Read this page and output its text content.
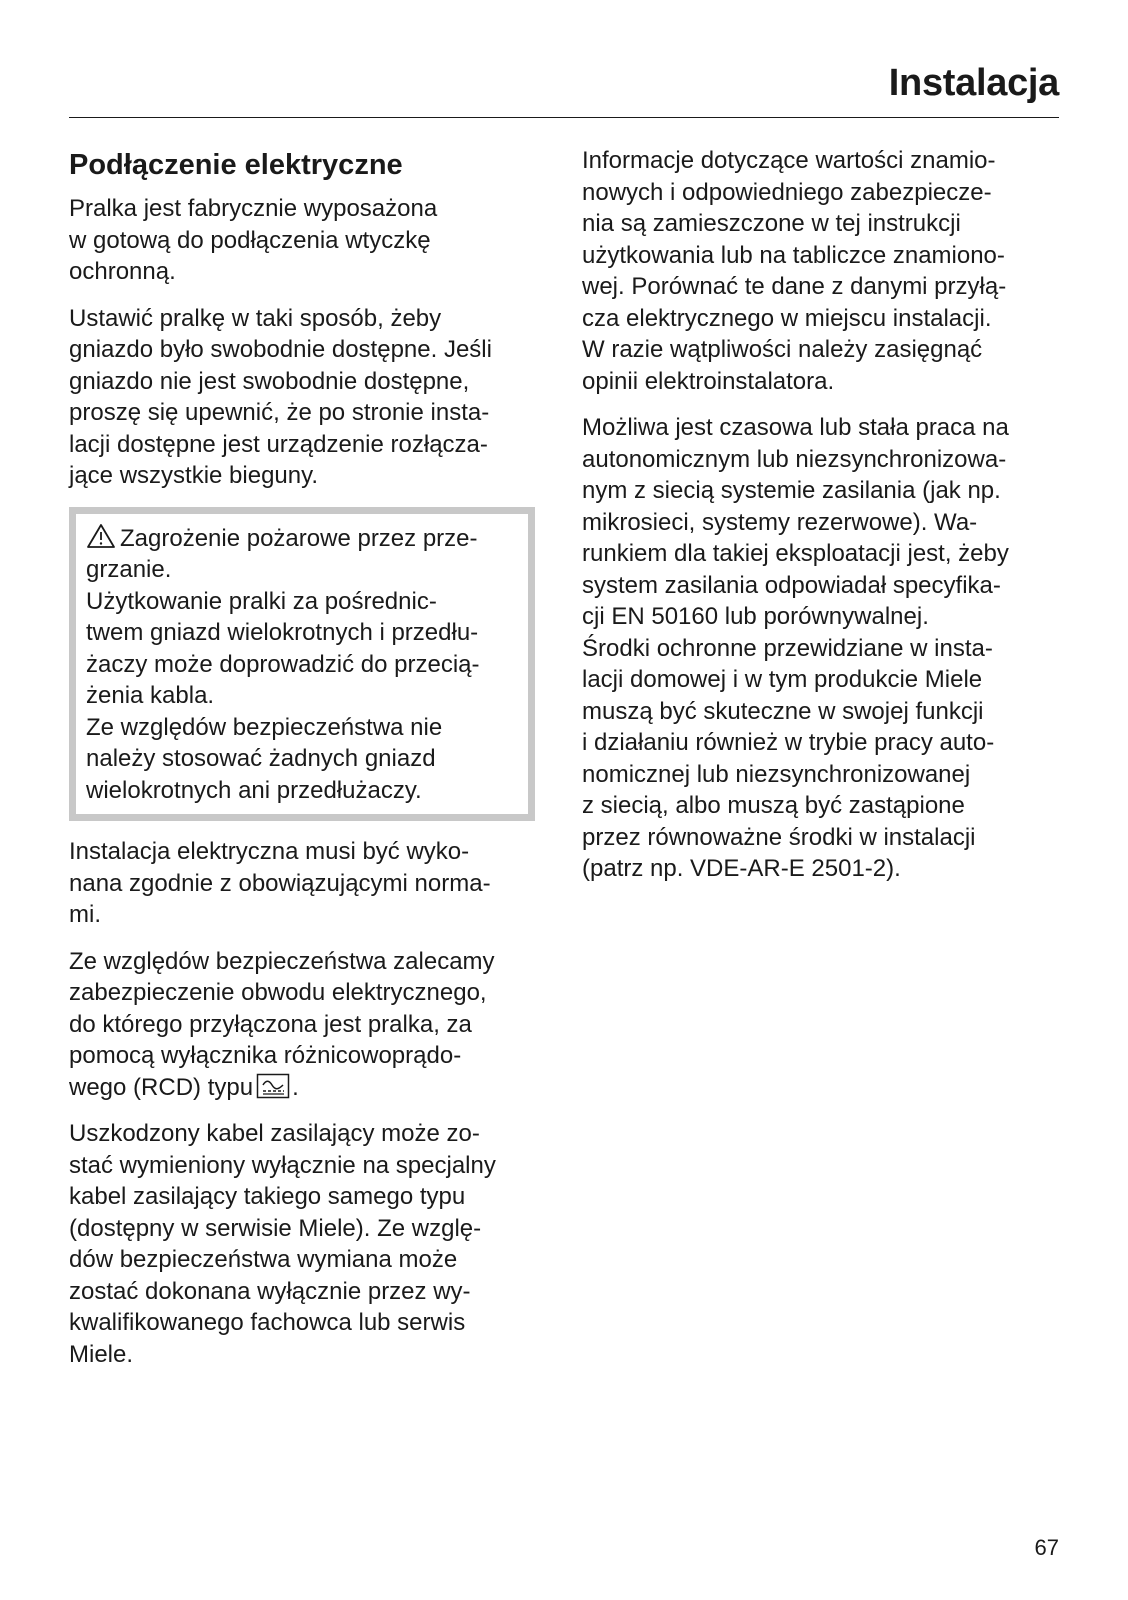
Instalacja
Podłączenie elektryczne

Pralka jest fabrycznie wyposażona
w gotową do podłączenia wtyczkę
ochronną.

Ustawić pralkę w taki sposób, żeby
gniazdo było swobodnie dostępne. Jeśli
gniazdo nie jest swobodnie dostępne,
proszę się upewnić, że po stronie insta-
lacji dostępne jest urządzenie rozłącza-
jące wszystkie bieguny.

Zagrożenie pożarowe przez prze-
grzanie.
Użytkowanie pralki za pośrednic-
twem gniazd wielokrotnych i przedłu-
żaczy może doprowadzić do przecią-
żenia kabla.
Ze względów bezpieczeństwa nie
należy stosować żadnych gniazd
wielokrotnych ani przedłużaczy.

Instalacja elektryczna musi być wyko-
nana zgodnie z obowiązującymi norma-
mi.

Ze względów bezpieczeństwa zalecamy
zabezpieczenie obwodu elektrycznego,
do którego przyłączona jest pralka, za
pomocą wyłącznika różnicowoprądo-
wego (RCD) typu .

Uszkodzony kabel zasilający może zo-
stać wymieniony wyłącznie na specjalny
kabel zasilający takiego samego typu
(dostępny w serwisie Miele). Ze wzglę-
dów bezpieczeństwa wymiana może
zostać dokonana wyłącznie przez wy-
kwalifikowanego fachowca lub serwis
Miele.

Informacje dotyczące wartości znamio-
nowych i odpowiedniego zabezpiecze-
nia są zamieszczone w tej instrukcji
użytkowania lub na tabliczce znamiono-
wej. Porównać te dane z danymi przyłą-
cza elektrycznego w miejscu instalacji.
W razie wątpliwości należy zasięgnąć
opinii elektroinstalatora.

Możliwa jest czasowa lub stała praca na
autonomicznym lub niezsynchronizowa-
nym z siecią systemie zasilania (jak np.
mikrosieci, systemy rezerwowe). Wa-
runkiem dla takiej eksploatacji jest, żeby
system zasilania odpowiadał specyfika-
cji EN 50160 lub porównywalnej.
Środki ochronne przewidziane w insta-
lacji domowej i w tym produkcie Miele
muszą być skuteczne w swojej funkcji
i działaniu również w trybie pracy auto-
nomicznej lub niezsynchronizowanej
z siecią, albo muszą być zastąpione
przez równoważne środki w instalacji
(patrz np. VDE-AR-E 2501-2).

67
